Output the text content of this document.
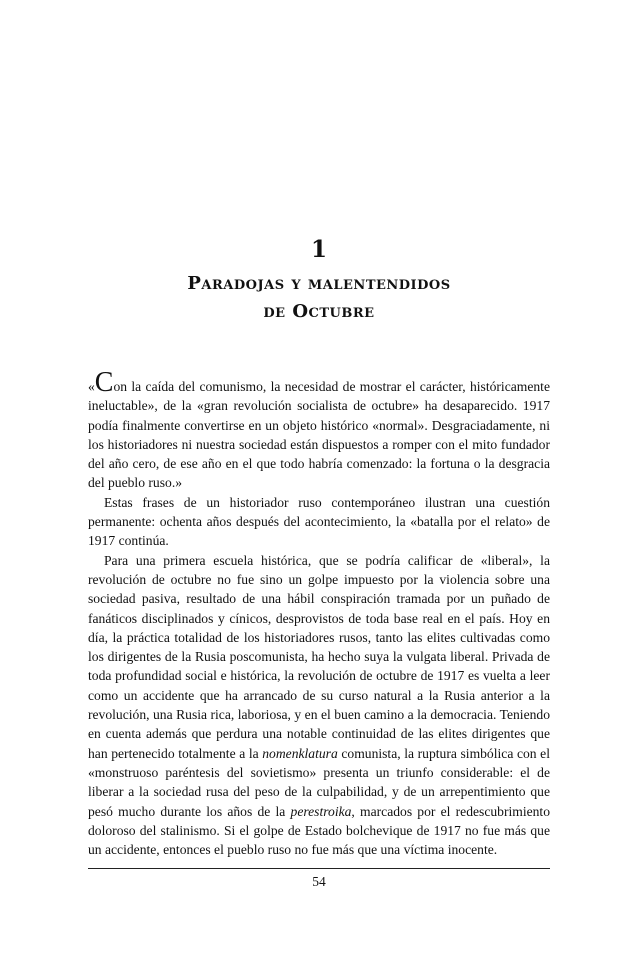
1
Paradojas y malentendidos
de Octubre

«Con la caída del comunismo, la necesidad de mostrar el carácter, históricamente ineluctable», de la «gran revolución socialista de octubre» ha desaparecido. 1917 podía finalmente convertirse en un objeto histórico «normal». Desgraciadamente, ni los historiadores ni nuestra sociedad están dispuestos a romper con el mito fundador del año cero, de ese año en el que todo habría comenzado: la fortuna o la desgracia del pueblo ruso.»

Estas frases de un historiador ruso contemporáneo ilustran una cuestión permanente: ochenta años después del acontecimiento, la «batalla por el relato» de 1917 continúa.

Para una primera escuela histórica, que se podría calificar de «liberal», la revolución de octubre no fue sino un golpe impuesto por la violencia sobre una sociedad pasiva, resultado de una hábil conspiración tramada por un puñado de fanáticos disciplinados y cínicos, desprovistos de toda base real en el país. Hoy en día, la práctica totalidad de los historiadores rusos, tanto las elites cultivadas como los dirigentes de la Rusia poscomunista, ha hecho suya la vulgata liberal. Privada de toda profundidad social e histórica, la revolución de octubre de 1917 es vuelta a leer como un accidente que ha arrancado de su curso natural a la Rusia anterior a la revolución, una Rusia rica, laboriosa, y en el buen camino a la democracia. Teniendo en cuenta además que perdura una notable continuidad de las elites dirigentes que han pertenecido totalmente a la nomenklatura comunista, la ruptura simbólica con el «monstruoso paréntesis del sovietismo» presenta un triunfo considerable: el de liberar a la sociedad rusa del peso de la culpabilidad, y de un arrepentimiento que pesó mucho durante los años de la perestroika, marcados por el redescubrimiento doloroso del stalinismo. Si el golpe de Estado bolchevique de 1917 no fue más que un accidente, entonces el pueblo ruso no fue más que una víctima inocente.

54
